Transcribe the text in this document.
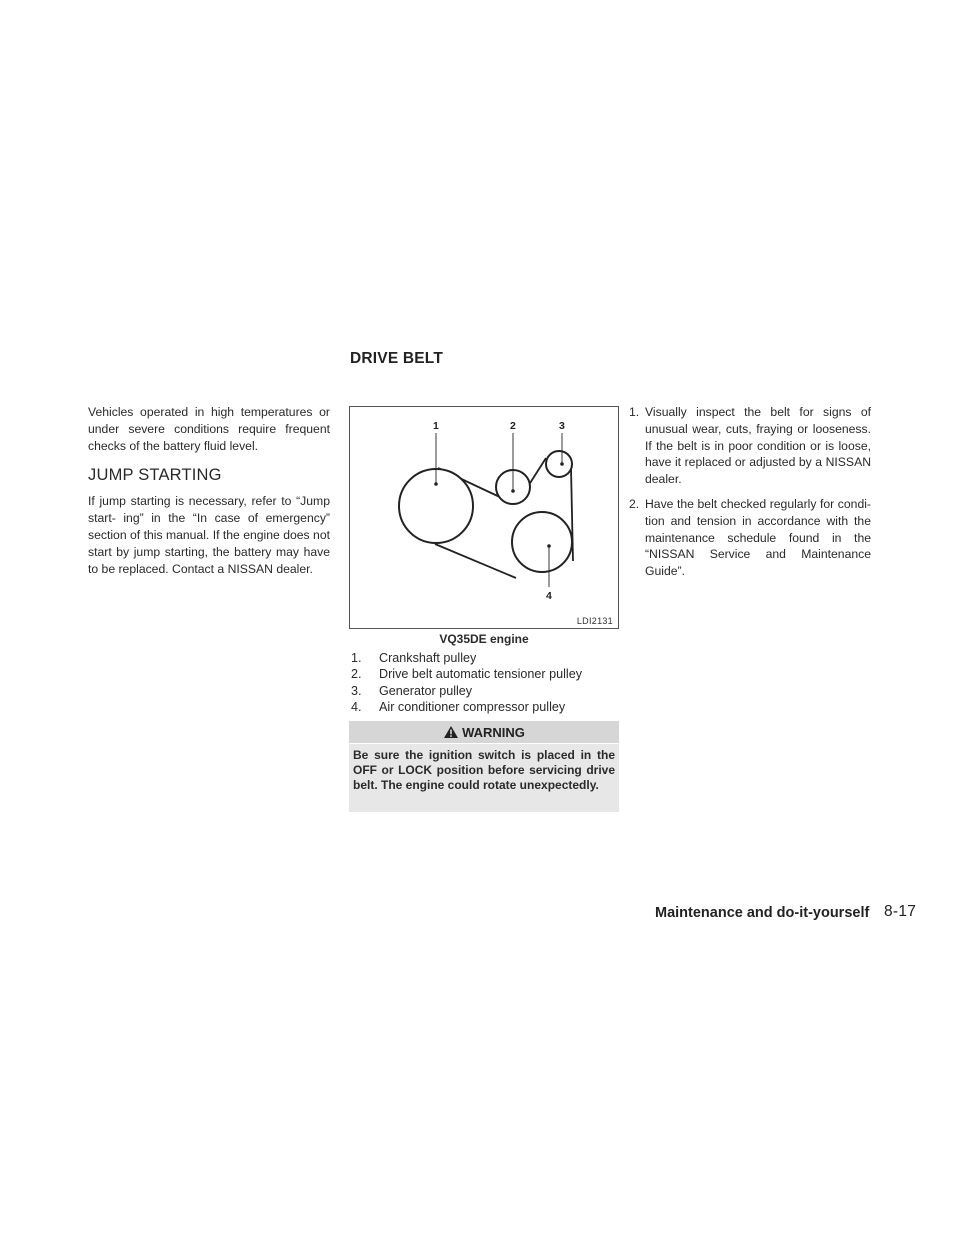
DRIVE BELT

Vehicles operated in high temperatures or under severe conditions require frequent checks of the battery fluid level.

JUMP STARTING

If jump starting is necessary, refer to “Jump start- ing” in the “In case of emergency” section of this manual. If the engine does not start by jump starting, the battery may have to be replaced. Contact a NISSAN dealer.

1	2	3
4
LDI2131
VQ35DE engine
1.	Crankshaft pulley
2.	Drive belt automatic tensioner pulley
3.	Generator pulley
4.	Air conditioner compressor pulley
WARNING
Be sure the ignition switch is placed in the OFF or LOCK position before servicing drive belt. The engine could rotate unexpectedly.
1. Visually inspect the belt for signs of unusual wear, cuts, fraying or looseness. If the belt is in poor condition or is loose, have it replaced or adjusted by a NISSAN dealer.
2. Have the belt checked regularly for condi- tion and tension in accordance with the maintenance schedule found in the “NISSAN Service and Maintenance Guide”.
Maintenance and do-it-yourself 8-17
